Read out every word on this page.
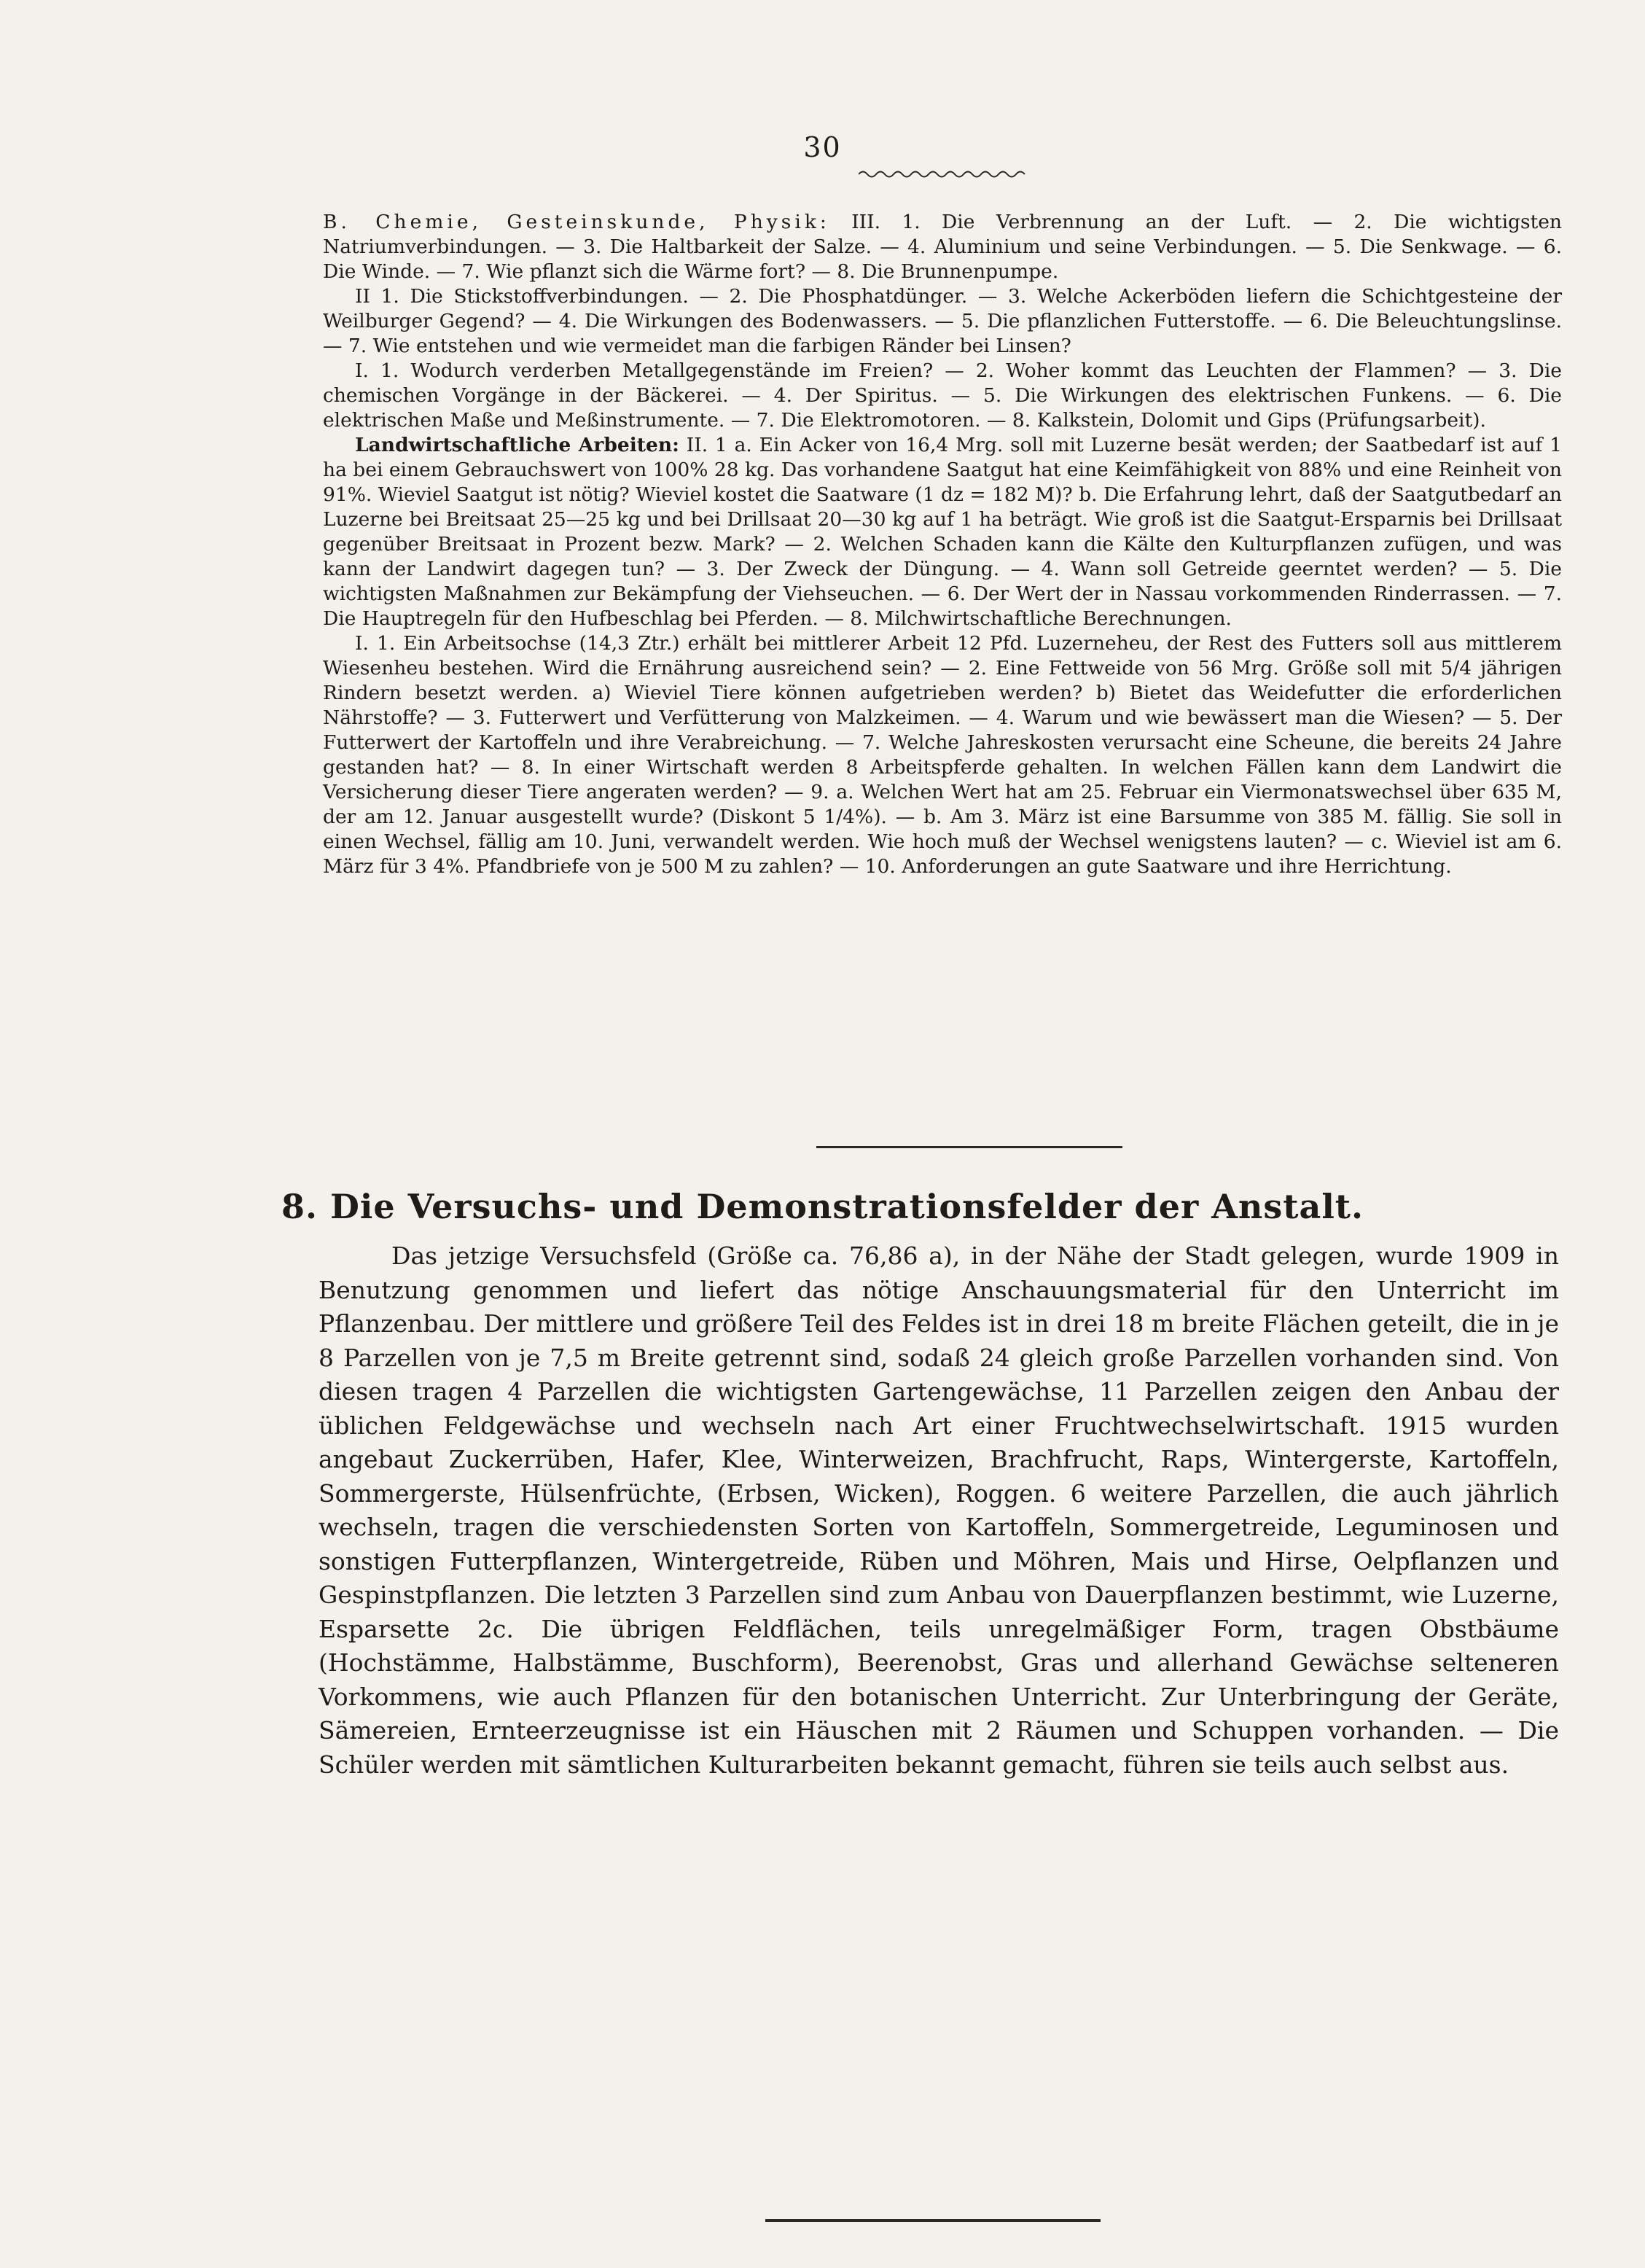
30

B. Chemie, Gesteinskunde, Physik: III. 1. Die Verbrennung an der Luft. — 2. Die wichtigsten Natriumverbindungen. — 3. Die Haltbarkeit der Salze. — 4. Aluminium und seine Verbindungen. — 5. Die Senkwage. — 6. Die Winde. — 7. Wie pflanzt sich die Wärme fort? — 8. Die Brunnenpumpe.

II 1. Die Stickstoffverbindungen. — 2. Die Phosphatdünger. — 3. Welche Ackerböden liefern die Schichtgesteine der Weilburger Gegend? — 4. Die Wirkungen des Bodenwassers. — 5. Die pflanzlichen Futterstoffe. — 6. Die Beleuchtungslinse. — 7. Wie entstehen und wie vermeidet man die farbigen Ränder bei Linsen?

I. 1. Wodurch verderben Metallgegenstände im Freien? — 2. Woher kommt das Leuchten der Flammen? — 3. Die chemischen Vorgänge in der Bäckerei. — 4. Der Spiritus. — 5. Die Wirkungen des elektrischen Funkens. — 6. Die elektrischen Maße und Meßinstrumente. — 7. Die Elektromotoren. — 8. Kalkstein, Dolomit und Gips (Prüfungsarbeit).

Landwirtschaftliche Arbeiten: II. 1 a. Ein Acker von 16,4 Mrg. soll mit Luzerne besät werden; der Saatbedarf ist auf 1 ha bei einem Gebrauchswert von 100% 28 kg. Das vorhandene Saatgut hat eine Keimfähigkeit von 88% und eine Reinheit von 91%. Wieviel Saatgut ist nötig? Wieviel kostet die Saatware (1 dz = 182 M)? b. Die Erfahrung lehrt, daß der Saatgutbedarf an Luzerne bei Breitsaat 25—25 kg und bei Drillsaat 20—30 kg auf 1 ha beträgt. Wie groß ist die Saatgut-Ersparnis bei Drillsaat gegenüber Breitsaat in Prozent bezw. Mark? — 2. Welchen Schaden kann die Kälte den Kulturpflanzen zufügen, und was kann der Landwirt dagegen tun? — 3. Der Zweck der Düngung. — 4. Wann soll Getreide geerntet werden? — 5. Die wichtigsten Maßnahmen zur Bekämpfung der Viehseuchen. — 6. Der Wert der in Nassau vorkommenden Rinderrassen. — 7. Die Hauptregeln für den Hufbeschlag bei Pferden. — 8. Milchwirtschaftliche Berechnungen.

I. 1. Ein Arbeitsochse (14,3 Ztr.) erhält bei mittlerer Arbeit 12 Pfd. Luzerneheu, der Rest des Futters soll aus mittlerem Wiesenheu bestehen. Wird die Ernährung ausreichend sein? — 2. Eine Fettweide von 56 Mrg. Größe soll mit 5/4 jährigen Rindern besetzt werden. a) Wieviel Tiere können aufgetrieben werden? b) Bietet das Weidefutter die erforderlichen Nährstoffe? — 3. Futterwert und Verfütterung von Malzkeimen. — 4. Warum und wie bewässert man die Wiesen? — 5. Der Futterwert der Kartoffeln und ihre Verabreichung. — 7. Welche Jahreskosten verursacht eine Scheune, die bereits 24 Jahre gestanden hat? — 8. In einer Wirtschaft werden 8 Arbeitspferde gehalten. In welchen Fällen kann dem Landwirt die Versicherung dieser Tiere angeraten werden? — 9. a. Welchen Wert hat am 25. Februar ein Viermonatswechsel über 635 M, der am 12. Januar ausgestellt wurde? (Diskont 5 1/4%). — b. Am 3. März ist eine Barsumme von 385 M. fällig. Sie soll in einen Wechsel, fällig am 10. Juni, verwandelt werden. Wie hoch muß der Wechsel wenigstens lauten? — c. Wieviel ist am 6. März für 3 4%. Pfandbriefe von je 500 M zu zahlen? — 10. Anforderungen an gute Saatware und ihre Herrichtung.

8. Die Versuchs- und Demonstrationsfelder der Anstalt.

Das jetzige Versuchsfeld (Größe ca. 76,86 a), in der Nähe der Stadt gelegen, wurde 1909 in Benutzung genommen und liefert das nötige Anschauungsmaterial für den Unterricht im Pflanzenbau. Der mittlere und größere Teil des Feldes ist in drei 18 m breite Flächen geteilt, die in je 8 Parzellen von je 7,5 m Breite getrennt sind, sodaß 24 gleich große Parzellen vorhanden sind. Von diesen tragen 4 Parzellen die wichtigsten Gartengewächse, 11 Parzellen zeigen den Anbau der üblichen Feldgewächse und wechseln nach Art einer Fruchtwechselwirtschaft. 1915 wurden angebaut Zuckerrüben, Hafer, Klee, Winterweizen, Brachfrucht, Raps, Wintergerste, Kartoffeln, Sommergerste, Hülsenfrüchte, (Erbsen, Wicken), Roggen. 6 weitere Parzellen, die auch jährlich wechseln, tragen die verschiedensten Sorten von Kartoffeln, Sommergetreide, Leguminosen und sonstigen Futterpflanzen, Wintergetreide, Rüben und Möhren, Mais und Hirse, Oelpflanzen und Gespinstpflanzen. Die letzten 3 Parzellen sind zum Anbau von Dauerpflanzen bestimmt, wie Luzerne, Esparsette 2c. Die übrigen Feldflächen, teils unregelmäßiger Form, tragen Obstbäume (Hochstämme, Halbstämme, Buschform), Beerenobst, Gras und allerhand Gewächse selteneren Vorkommens, wie auch Pflanzen für den botanischen Unterricht. Zur Unterbringung der Geräte, Sämereien, Ernteerzeugnisse ist ein Häuschen mit 2 Räumen und Schuppen vorhanden. — Die Schüler werden mit sämtlichen Kulturarbeiten bekannt gemacht, führen sie teils auch selbst aus.
